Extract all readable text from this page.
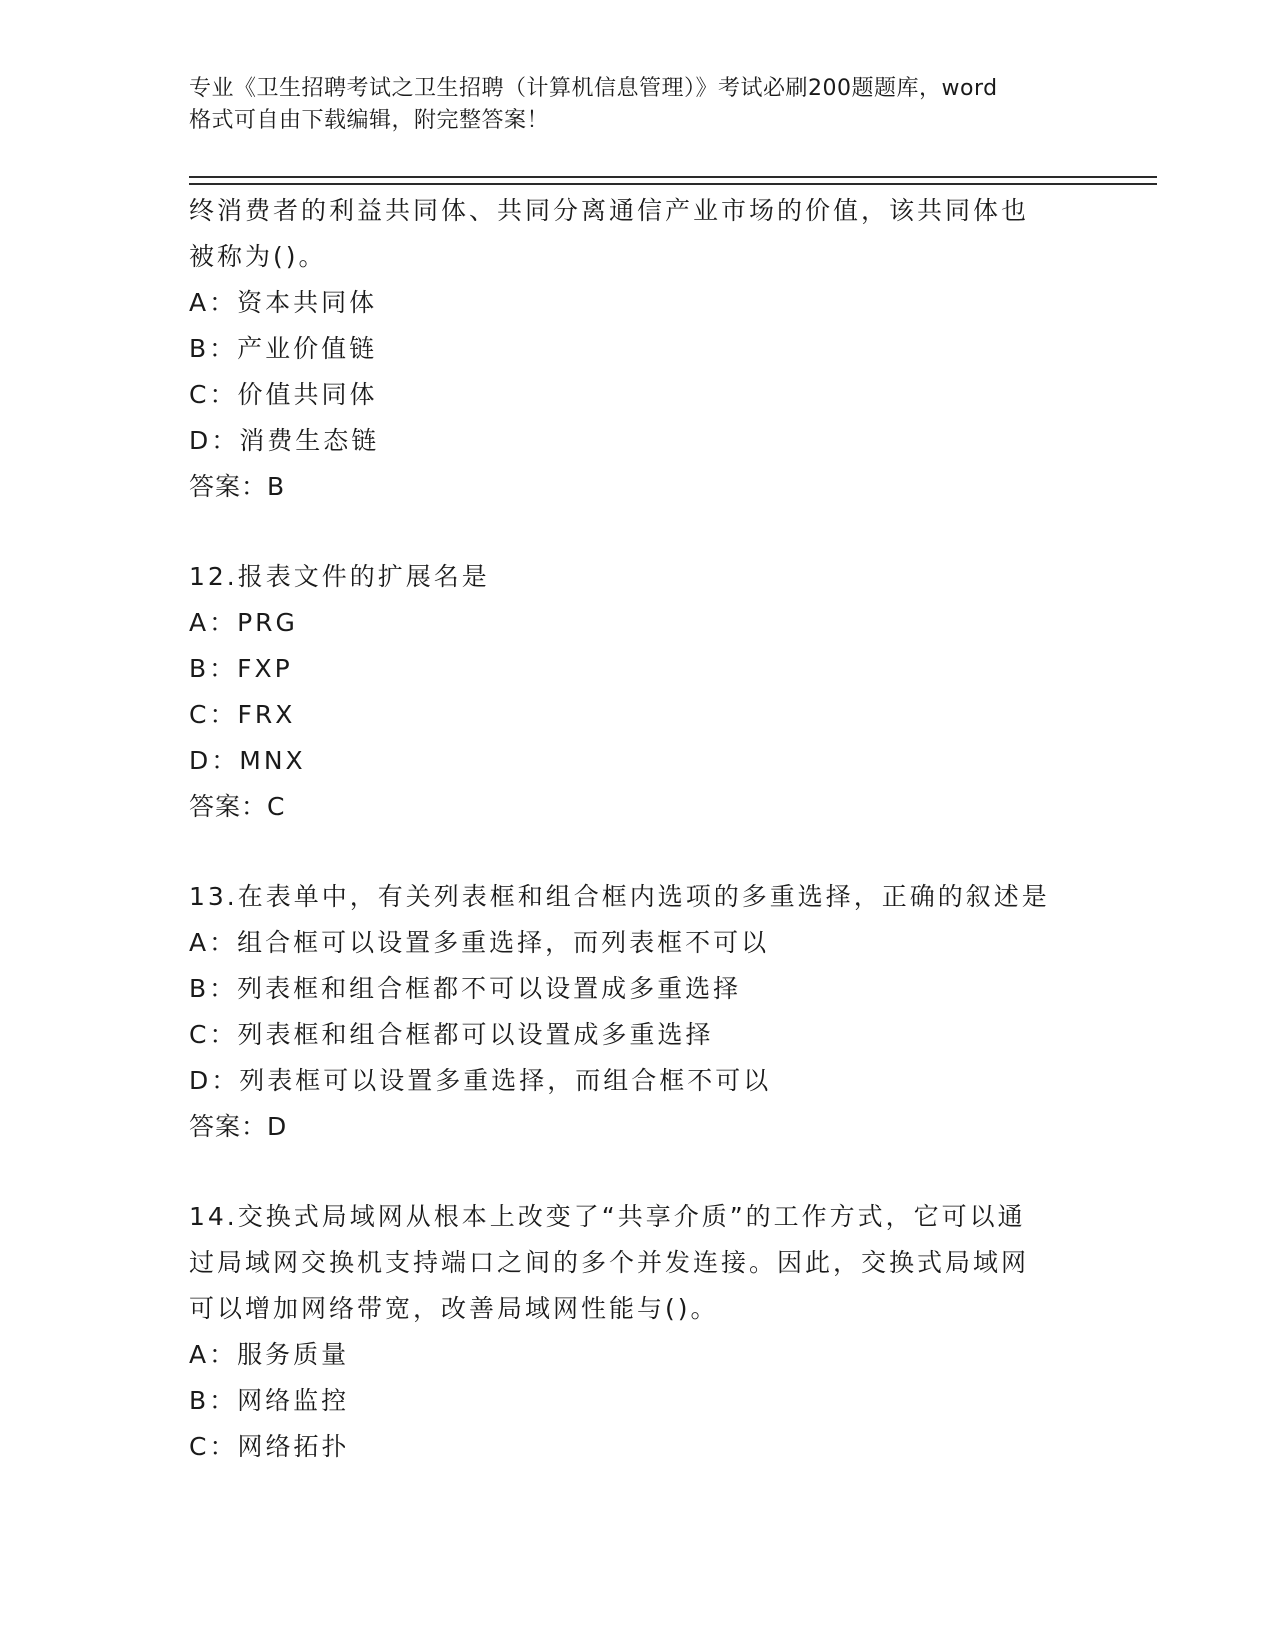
专业《卫生招聘考试之卫生招聘（计算机信息管理）》考试必刷200题题库，word

格式可自由下载编辑，附完整答案！

终消费者的利益共同体、共同分离通信产业市场的价值，该共同体也
被称为()。
A：资本共同体
B：产业价值链
C：价值共同体
D：消费生态链
答案：B
12.报表文件的扩展名是
A：PRG
B：FXP
C：FRX
D：MNX
答案：C
13.在表单中，有关列表框和组合框内选项的多重选择，正确的叙述是
A：组合框可以设置多重选择，而列表框不可以
B：列表框和组合框都不可以设置成多重选择
C：列表框和组合框都可以设置成多重选择
D：列表框可以设置多重选择，而组合框不可以
答案：D
14.交换式局域网从根本上改变了“共享介质”的工作方式，它可以通
过局域网交换机支持端口之间的多个并发连接。因此，交换式局域网
可以增加网络带宽，改善局域网性能与()。
A：服务质量
B：网络监控
C：网络拓扑
